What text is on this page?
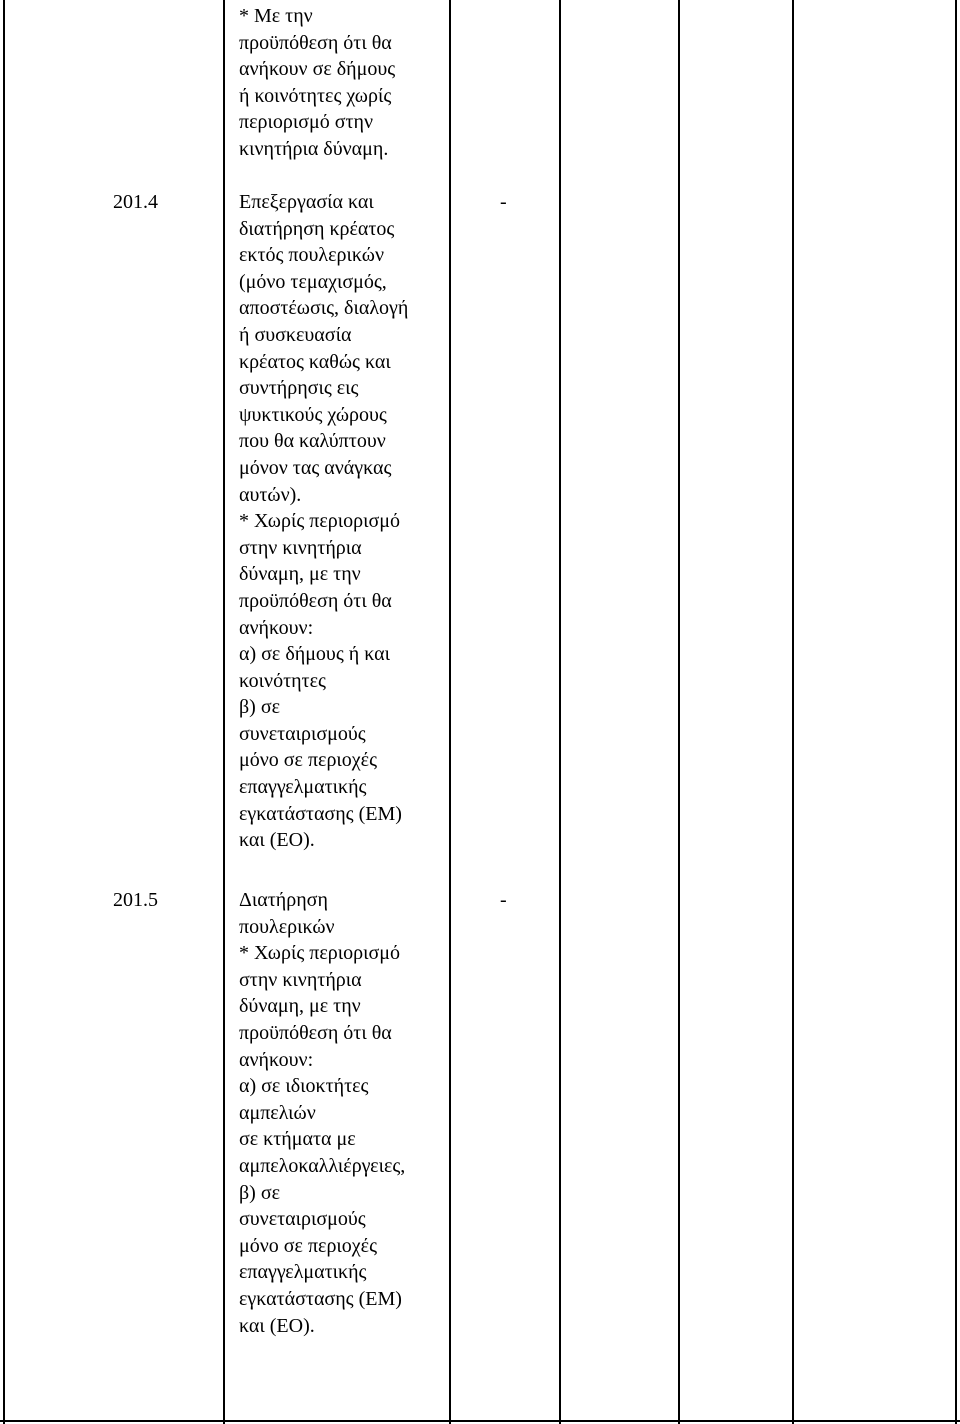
* Με την
προϋπόθεση ότι θα
ανήκουν σε δήμους
ή κοινότητες χωρίς
περιορισμό στην
κινητήρια δύναμη.
201.4	Επεξεργασία και
διατήρηση κρέατος
εκτός πουλερικών
(μόνο τεμαχισμός,
αποστέωσις, διαλογή
ή συσκευασία
κρέατος καθώς και
συντήρησις εις
ψυκτικούς χώρους
που θα καλύπτουν
μόνον τας ανάγκας
αυτών).
* Χωρίς περιορισμό
στην κινητήρια
δύναμη, με την
προϋπόθεση ότι θα
ανήκουν:
α) σε δήμους ή και
κοινότητες
β) σε
συνεταιρισμούς
μόνο σε περιοχές
επαγγελματικής
εγκατάστασης (ΕΜ)
και (ΕΟ).
-
201.5	Διατήρηση
πουλερικών
* Χωρίς περιορισμό
στην κινητήρια
δύναμη, με την
προϋπόθεση ότι θα
ανήκουν:
α) σε ιδιοκτήτες
αμπελιών
σε κτήματα με
αμπελοκαλλιέργειες,
β) σε
συνεταιρισμούς
μόνο σε περιοχές
επαγγελματικής
εγκατάστασης (ΕΜ)
και (ΕΟ).
-
